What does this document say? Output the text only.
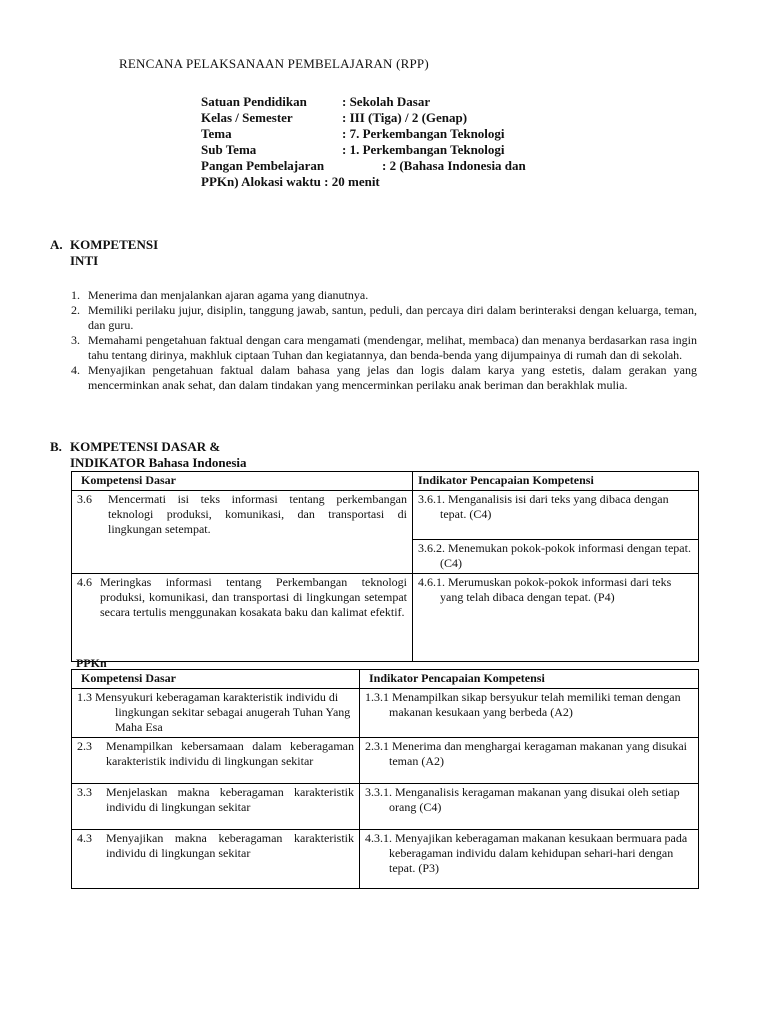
RENCANA PELAKSANAAN PEMBELAJARAN (RPP)
Satuan Pendidikan	: Sekolah Dasar
Kelas / Semester	: III (Tiga) / 2 (Genap)
Tema	: 7. Perkembangan Teknologi
Sub Tema	: 1. Perkembangan Teknologi
Pangan Pembelajaran	: 2 (Bahasa Indonesia dan
PPKn) Alokasi waktu : 20 menit
A. KOMPETENSI
INTI
1. Menerima dan menjalankan ajaran agama yang dianutnya.
2. Memiliki perilaku jujur, disiplin, tanggung jawab, santun, peduli, dan percaya diri dalam berinteraksi dengan keluarga, teman, dan guru.
3. Memahami pengetahuan faktual dengan cara mengamati (mendengar, melihat, membaca) dan menanya berdasarkan rasa ingin tahu tentang dirinya, makhluk ciptaan Tuhan dan kegiatannya, dan benda-benda yang dijumpainya di rumah dan di sekolah.
4. Menyajikan pengetahuan faktual dalam bahasa yang jelas dan logis dalam karya yang estetis, dalam gerakan yang mencerminkan anak sehat, dan dalam tindakan yang mencerminkan perilaku anak beriman dan berakhlak mulia.
B. KOMPETENSI DASAR &
INDIKATOR Bahasa Indonesia
Kompetensi Dasar	Indikator Pencapaian Kompetensi

3.6 Mencermati isi teks informasi tentang perkembangan teknologi produksi, komunikasi, dan transportasi di lingkungan setempat.	3.6.1. Menganalisis isi dari teks yang dibaca dengan tepat. (C4)

	3.6.2. Menemukan pokok-pokok informasi dengan tepat. (C4)

4.6 Meringkas informasi tentang Perkembangan teknologi produksi, komunikasi, dan transportasi di lingkungan setempat secara tertulis menggunakan kosakata baku dan kalimat efektif.	4.6.1. Merumuskan pokok-pokok informasi dari teks yang telah dibaca dengan tepat. (P4)
PPKn
Kompetensi Dasar	Indikator Pencapaian Kompetensi

1.3 Mensyukuri keberagaman karakteristik individu di lingkungan sekitar sebagai anugerah Tuhan Yang Maha Esa	1.3.1 Menampilkan sikap bersyukur telah memiliki teman dengan makanan kesukaan yang berbeda (A2)

2.3 Menampilkan kebersamaan dalam keberagaman karakteristik individu di lingkungan sekitar	2.3.1 Menerima dan menghargai keragaman makanan yang disukai teman (A2)

3.3 Menjelaskan makna keberagaman karakteristik individu di lingkungan sekitar	3.3.1. Menganalisis keragaman makanan yang disukai oleh setiap orang (C4)

4.3 Menyajikan makna keberagaman karakteristik individu di lingkungan sekitar	4.3.1. Menyajikan keberagaman makanan kesukaan bermuara pada keberagaman individu dalam kehidupan sehari-hari dengan tepat. (P3)
